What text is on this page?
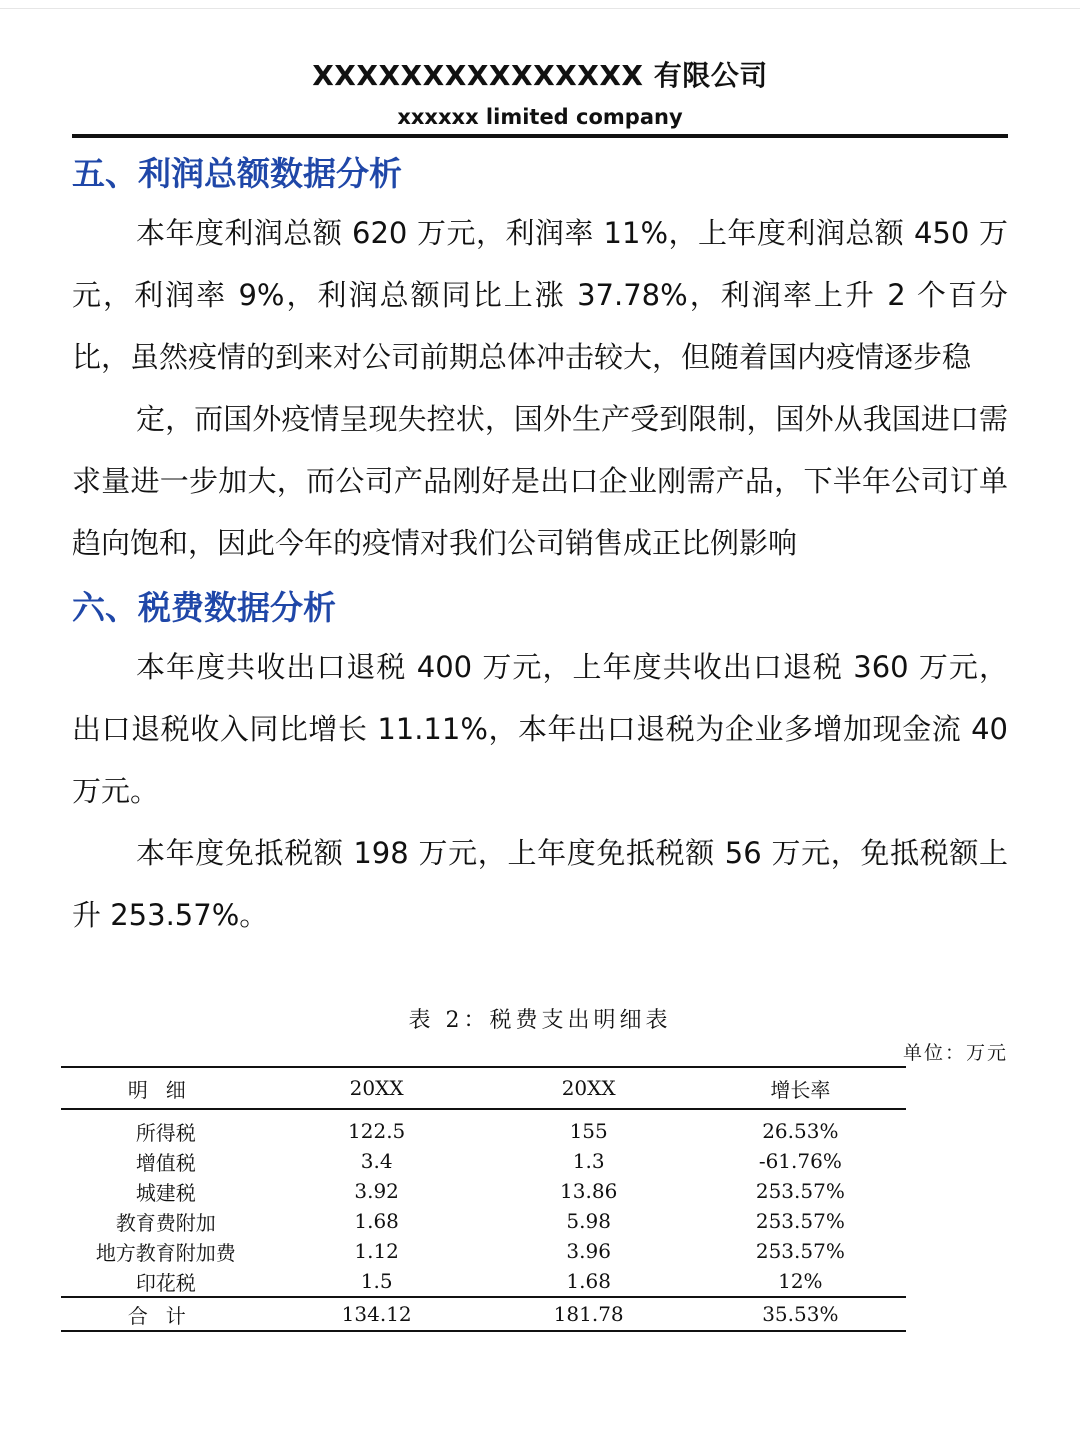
XXXXXXXXXXXXXXX 有限公司
xxxxxx limited company
五、利润总额数据分析

本年度利润总额 620 万元，利润率 11%，上年度利润总额 450 万元，利润率 9%，利润总额同比上涨 37.78%，利润率上升 2 个百分比，虽然疫情的到来对公司前期总体冲击较大，但随着国内疫情逐步稳

定，而国外疫情呈现失控状，国外生产受到限制，国外从我国进口需求量进一步加大，而公司产品刚好是出口企业刚需产品，下半年公司订单趋向饱和，因此今年的疫情对我们公司销售成正比例影响

六、税费数据分析

本年度共收出口退税 400 万元，上年度共收出口退税 360 万元，出口退税收入同比增长 11.11%，本年出口退税为企业多增加现金流 40 万元。

本年度免抵税额 198 万元，上年度免抵税额 56 万元，免抵税额上升 253.57%。

表 2：税费支出明细表
单位：万元
明细	20XX	20XX	增长率
所得税	122.5	155	26.53%
增值税	3.4	1.3	-61.76%
城建税	3.92	13.86	253.57%
教育费附加	1.68	5.98	253.57%
地方教育附加费	1.12	3.96	253.57%
印花税	1.5	1.68	12%
合计	134.12	181.78	35.53%
